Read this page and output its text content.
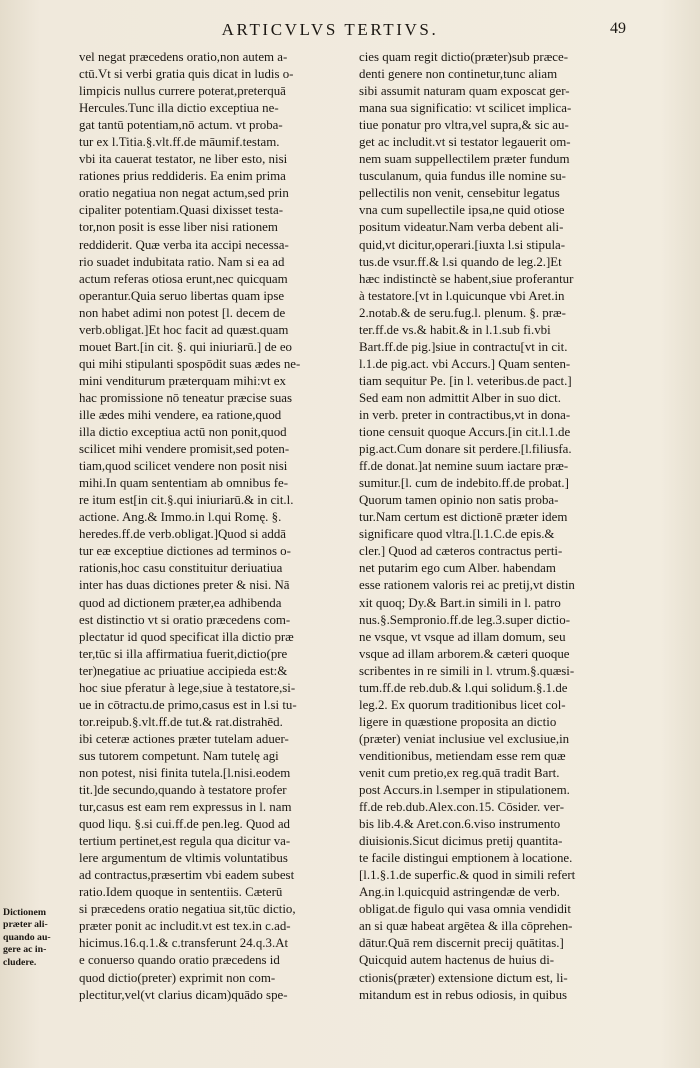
ARTICVLVS TERTIVS.	49
vel negat præcedens oratio,non autem a-
ctū.Vt si verbi gratia quis dicat in ludis o-
limpicis nullus currere poterat,preterquā
Hercules.Tunc illa dictio exceptiua ne-
gat tantū potentiam,nō actum. vt proba-
tur ex l.Titia.§.vlt.ff.de māumif.testam.
vbi ita cauerat testator, ne liber esto, nisi
rationes prius reddideris. Ea enim prima
oratio negatiua non negat actum,sed prin
cipaliter potentiam.Quasi dixisset testa-
tor,non posit is esse liber nisi rationem
reddiderit. Quæ verba ita accipi necessa-
rio suadet indubitata ratio. Nam si ea ad
actum referas otiosa erunt,nec quicquam
operantur.Quia seruo libertas quam ipse
non habet adimi non potest [l. decem de
verb.obligat.]Et hoc facit ad quæst.quam
mouet Bart.[in cit. §. qui iniuriarū.] de eo
qui mihi stipulanti spospōdit suas ædes ne-
mini venditurum præterquam mihi:vt ex
hac promissione nō teneatur præcise suas
ille ædes mihi vendere, ea ratione,quod
illa dictio exceptiua actū non ponit,quod
scilicet mihi vendere promisit,sed poten-
tiam,quod scilicet vendere non posit nisi
mihi.In quam sententiam ab omnibus fe-
re itum est[in cit.§.qui iniuriarū.& in cit.l.
actione. Ang.& Immo.in l.qui Romę. §.
heredes.ff.de verb.obligat.]Quod si addā
tur eæ exceptiue dictiones ad terminos o-
rationis,hoc casu constituitur deriuatiua
inter has duas dictiones preter & nisi. Nā
quod ad dictionem præter,ea adhibenda
est distinctio vt si oratio præcedens com-
plectatur id quod specificat illa dictio præ
ter,tūc si illa affirmatiua fuerit,dictio(pre
ter)negatiue ac priuatiue accipieda est:&
hoc siue pferatur à lege,siue à testatore,si-
ue in cōtractu.de primo,casus est in l.si tu-
tor.reipub.§.vlt.ff.de tut.& rat.distrahēd.
ibi ceteræ actiones præter tutelam aduer-
sus tutorem competunt. Nam tutelę agi
non potest, nisi finita tutela.[l.nisi.eodem
tit.]de secundo,quando à testatore profer
tur,casus est eam rem expressus in l. nam
quod liqu. §.si cui.ff.de pen.leg. Quod ad
tertium pertinet,est regula qua dicitur va-
lere argumentum de vltimis voluntatibus
ad contractus,præsertim vbi eadem subest
ratio.Idem quoque in sententiis. Cæterū
si præcedens oratio negatiua sit,tūc dictio,
præter ponit ac includit.vt est tex.in c.ad-
hicimus.16.q.1.& c.transferunt 24.q.3.At
e conuerso quando oratio præcedens id
quod dictio(preter) exprimit non com-
plectitur,vel(vt clarius dicam)quādo spe-
cies quam regit dictio(prӕter)sub præce-
denti genere non continetur,tunc aliam
sibi assumit naturam quam exposcat ger-
mana sua significatio: vt scilicet implica-
tiue ponatur pro vltra,vel supra,& sic au-
get ac includit.vt si testator legauerit om-
nem suam suppellectilem præter fundum
tusculanum, quia fundus ille nomine su-
pellectilis non venit, censebitur legatus
vna cum supellectile ipsa,ne quid otiose
positum videatur.Nam verba debent ali-
quid,vt dicitur,operari.[iuxta l.si stipula-
tus.de vsur.ff.& l.si quando de leg.2.]Et
hæc indistinctè se habent,siue proferantur
à testatore.[vt in l.quicunque vbi Aret.in
2.notab.& de seru.fug.l. plenum. §. præ-
ter.ff.de vs.& habit.& in l.1.sub fi.vbi
Bart.ff.de pig.]siue in contractu[vt in cit.
l.1.de pig.act. vbi Accurs.] Quam senten-
tiam sequitur Pe. [in l. veteribus.de pact.]
Sed eam non admittit Alber in suo dict.
in verb. preter in contractibus,vt in dona-
tione censuit quoque Accurs.[in cit.l.1.de
pig.act.Cum donare sit perdere.[l.filiusfa.
ff.de donat.]at nemine suum iactare præ-
sumitur.[l. cum de indebito.ff.de probat.]
Quorum tamen opinio non satis proba-
tur.Nam certum est dictionē præter idem
significare quod vltra.[l.1.C.de epis.&
cler.] Quod ad cæteros contractus perti-
net putarim ego cum Alber. habendam
esse rationem valoris rei ac pretij,vt distin
xit quoq; Dy.& Bart.in simili in l. patro
nus.§.Sempronio.ff.de leg.3.super dictio-
ne vsque, vt vsque ad illam domum, seu
vsque ad illam arborem.& cæteri quoque
scribentes in re simili in l. vtrum.§.quæsi-
tum.ff.de reb.dub.& l.qui solidum.§.1.de
leg.2. Ex quorum traditionibus licet col-
ligere in quæstione proposita an dictio
(præter) veniat inclusiue vel exclusiue,in
venditionibus, metiendam esse rem quæ
venit cum pretio,ex reg.quā tradit Bart.
post Accurs.in l.semper in stipulationem.
ff.de reb.dub.Alex.con.15. Cōsider. ver-
bis lib.4.& Aret.con.6.viso instrumento
diuisionis.Sicut dicimus pretij quantita-
te facile distingui emptionem à locatione.
[l.1.§.1.de superfic.& quod in simili refert
Ang.in l.quicquid astringendæ de verb.
obligat.de figulo qui vasa omnia vendidit
an si quæ habeat argētea & illa cōprehen-
dātur.Quā rem discernit precij quātitas.]
Quicquid autem hactenus de huius di-
ctionis(præter) extensione dictum est, li-
mitandum est in rebus odiosis, in quibus
Dictionem
præter ali-
quando au-
gere ac in-
cludere.
